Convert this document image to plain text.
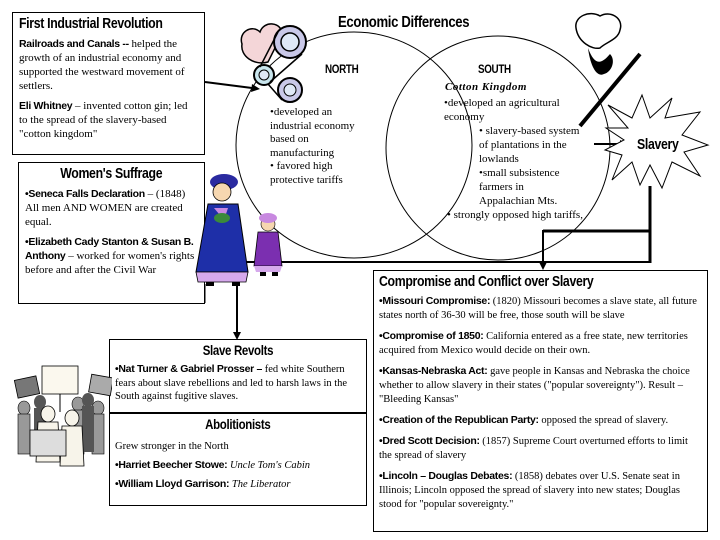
First Industrial Revolution

Railroads and Canals -- helped the growth of an industrial economy and supported the westward movement of settlers.

Eli Whitney – invented cotton gin; led to the spread of the slavery-based "cotton kingdom"

Women's Suffrage

•Seneca Falls Declaration – (1848) All men AND WOMEN are created equal.

•Elizabeth Cady Stanton & Susan B. Anthony – worked for women's rights before and after the Civil War

Economic Differences
NORTH
•developed an
industrial economy
based on
manufacturing
• favored high
protective tariffs
SOUTH
Cotton Kingdom
•developed an agricultural
economy
• slavery-based system
of plantations in the
lowlands
•small subsistence
farmers in
Appalachian Mts.
• strongly opposed high tariffs,
Slavery
Compromise and Conflict over Slavery

•Missouri Compromise: (1820) Missouri becomes a slave state, all future states north of 36-30 will be free, those south will be slave

•Compromise of 1850: California entered as a free state, new territories acquired from Mexico would decide on their own.

•Kansas-Nebraska Act: gave people in Kansas and Nebraska the choice whether to allow slavery in their states ("popular sovereignty"). Result – "Bleeding Kansas"

•Creation of the Republican Party: opposed the spread of slavery.

•Dred Scott Decision: (1857) Supreme Court overturned efforts to limit the spread of slavery

•Lincoln – Douglas Debates: (1858) debates over U.S. Senate seat in Illinois; Lincoln opposed the spread of slavery into new states; Douglas stood for "popular sovereignty."

Slave Revolts

•Nat Turner & Gabriel Prosser – fed white Southern fears about slave rebellions and led to harsh laws in the South against fugitive slaves.

Abolitionists

Grew stronger in the North

•Harriet Beecher Stowe: Uncle Tom's Cabin

•William Lloyd Garrison: The Liberator
